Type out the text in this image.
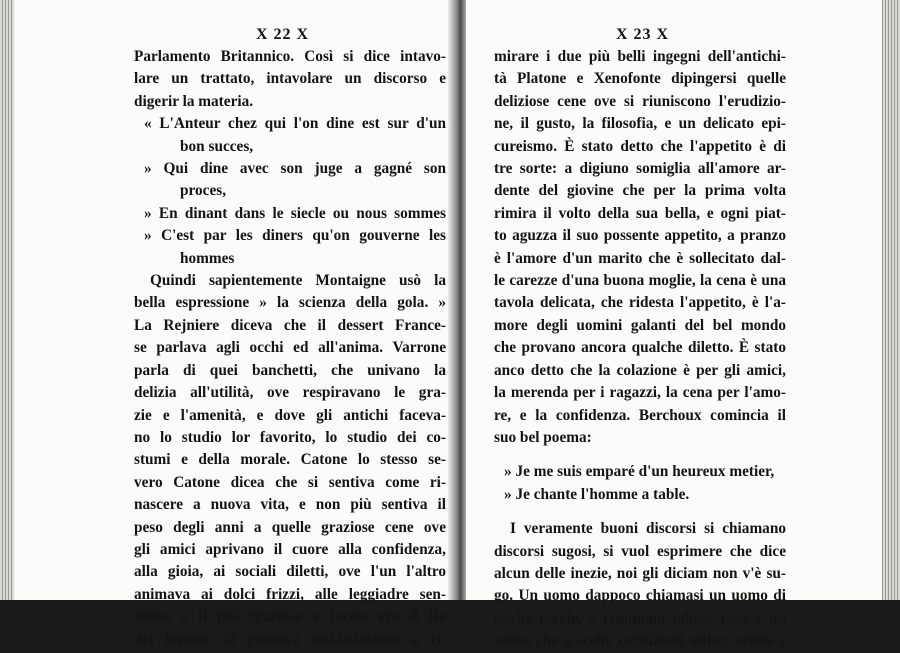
X 22 X
Parlamento Britannico. Così si dice intavo-
lare un trattato, intavolare un discorso e
digerir la materia.
« L'Anteur chez qui l'on dine est sur d'un
bon succes,
» Qui dine avec son juge a gagné son
proces,
» En dinant dans le siecle ou nous sommes
» C'est par les diners qu'on gouverne les
hommes
Quindi sapientemente Montaigne usò la
bella espressione » la scienza della gola. »
La Rejniere diceva che il dessert France-
se parlava agli occhi ed all'anima. Varrone
parla di quei banchetti, che univano la
delizia all'utilità, ove respiravano le gra-
zie e l'amenità, e dove gli antichi faceva-
no lo studio lor favorito, lo studio dei co-
stumi e della morale. Catone lo stesso se-
vero Catone dicea che si sentiva come ri-
nascere a nuova vita, e non più sentiva il
peso degli anni a quelle graziose cene ove
gli amici aprivano il cuore alla confidenza,
alla gioia, ai sociali diletti, ove l'un l'altro
animava ai dolci frizzi, alle leggiadre sen-
tenze, e il più grazioso e faceto era il Re
del festino. Si provava soddisfazione a ri-
X 23 X
mirare i due più belli ingegni dell'antichi-
tà Platone e Xenofonte dipingersi quelle
deliziose cene ove si riuniscono l'erudizio-
ne, il gusto, la filosofia, e un delicato epi-
cureismo. È stato detto che l'appetito è di
tre sorte: a digiuno somiglia all'amore ar-
dente del giovine che per la prima volta
rimira il volto della sua bella, e ogni piat-
to aguzza il suo possente appetito, a pranzo
è l'amore d'un marito che è sollecitato dal-
le carezze d'una buona moglie, la cena è una
tavola delicata, che ridesta l'appetito, è l'a-
more degli uomini galanti del bel mondo
che provano ancora qualche diletto. È stato
anco detto che la colazione è per gli amici,
la merenda per i ragazzi, la cena per l'amo-
re, e la confidenza. Berchoux comincia il
suo bel poema:
» Je me suis emparé d'un heureux metier,
» Je chante l'homme a table.
I veramente buoni discorsi si chiamano
discorsi sugosi, si vuol esprimere che dice
alcun delle inezie, noi gli diciam non v'è su-
go. Un uomo dappoco chiamasi un uomo di
poche tavole, » tamquam tabula rasa » un
uomo che a scelte cognizioni unisce senno e
